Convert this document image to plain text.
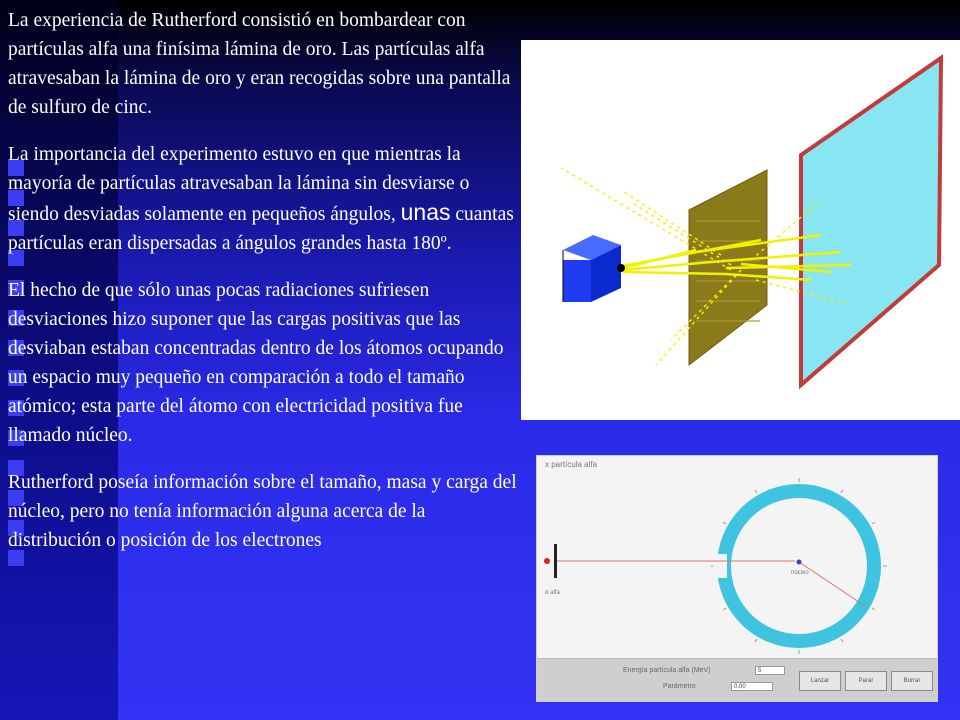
La experiencia de Rutherford consistió en bombardear con partículas alfa una finísima lámina de oro. Las partículas alfa atravesaban la lámina de oro y eran recogidas sobre una pantalla de sulfuro de cinc.

La importancia del experimento estuvo en que mientras la mayoría de partículas atravesaban la lámina sin desviarse o siendo desviadas solamente en pequeños ángulos, unas cuantas partículas eran dispersadas a ángulos grandes hasta 180º.

El hecho de que sólo unas pocas radiaciones sufriesen desviaciones hizo suponer que las cargas positivas que las desviaban estaban concentradas dentro de los átomos ocupando un espacio muy pequeño en comparación a todo el tamaño atómico; esta parte del átomo con electricidad positiva fue llamado núcleo.

Rutherford poseía información sobre el tamaño, masa y carga del núcleo, pero no tenía información alguna acerca de la distribución o posición de los electrones

x partícula alfa
núcleo
α alfa
Energía partícula alfa (MeV)	5
Parámetro	0,00
Lanzar	Parar	Borrar
